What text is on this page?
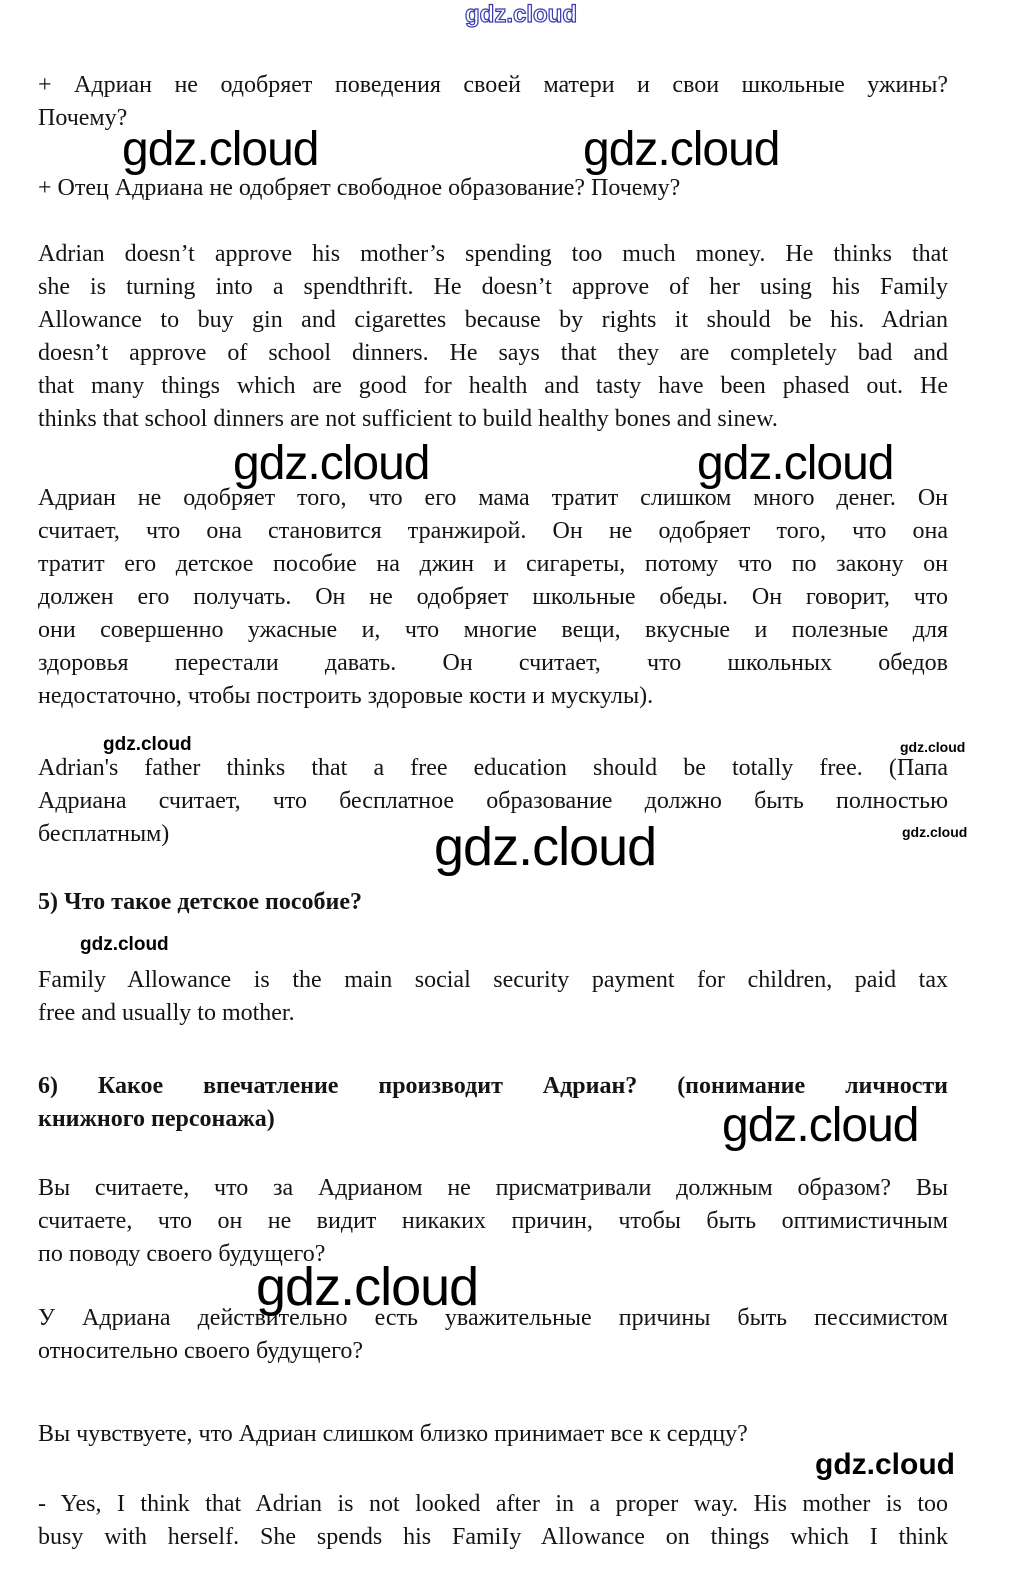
gdz.cloud
+ Адриан не одобряет поведения своей матери и свои школьные ужины?
Почему?
gdz.cloud	gdz.cloud
+ Отец Адриана не одобряет свободное образование? Почему?
Adrian doesn’t approve his mother’s spending too much money. He thinks that
she is turning into a spendthrift. He doesn’t approve of her using his Family
Allowance to buy gin and cigarettes because by rights it should be his. Adrian
doesn’t approve of school dinners. He says that they are completely bad and
that many things which are good for health and tasty have been phased out. He
thinks that school dinners are not sufficient to build healthy bones and sinew.
gdz.cloud	gdz.cloud
Адриан не одобряет того, что его мама тратит слишком много денег. Он
считает, что она становится транжирой. Он не одобряет того, что она
тратит его детское пособие на джин и сигареты, потому что по закону он
должен его получать. Он не одобряет школьные обеды. Он говорит, что
они совершенно ужасные и, что многие вещи, вкусные и полезные для
здоровья перестали давать. Он считает, что школьных обедов
недостаточно, чтобы построить здоровые кости и мускулы).
gdz.cloud	gdz.cloud
Adrian's father thinks that a free education should be totally free. (Папа
Адриана считает, что бесплатное образование должно быть полностью
бесплатным)	gdz.cloud
gdz.cloud
5) Что такое детское пособие?
gdz.cloud
Family Allowance is the main social security payment for children, paid tax
free and usually to mother.
6) Какое впечатление производит Адриан? (понимание личности
книжного персонажа)	gdz.cloud
Вы считаете, что за Адрианом не присматривали должным образом? Вы
считаете, что он не видит никаких причин, чтобы быть оптимистичным
по поводу своего будущего?
gdz.cloud
У Адриана действительно есть уважительные причины быть пессимистом
относительно своего будущего?
Вы чувствуете, что Адриан слишком близко принимает все к сердцу?
gdz.cloud
- Yes, I think that Adrian is not looked after in a proper way. His mother is too
busy with herself. She spends his FamiIy Allowance on things which I think
